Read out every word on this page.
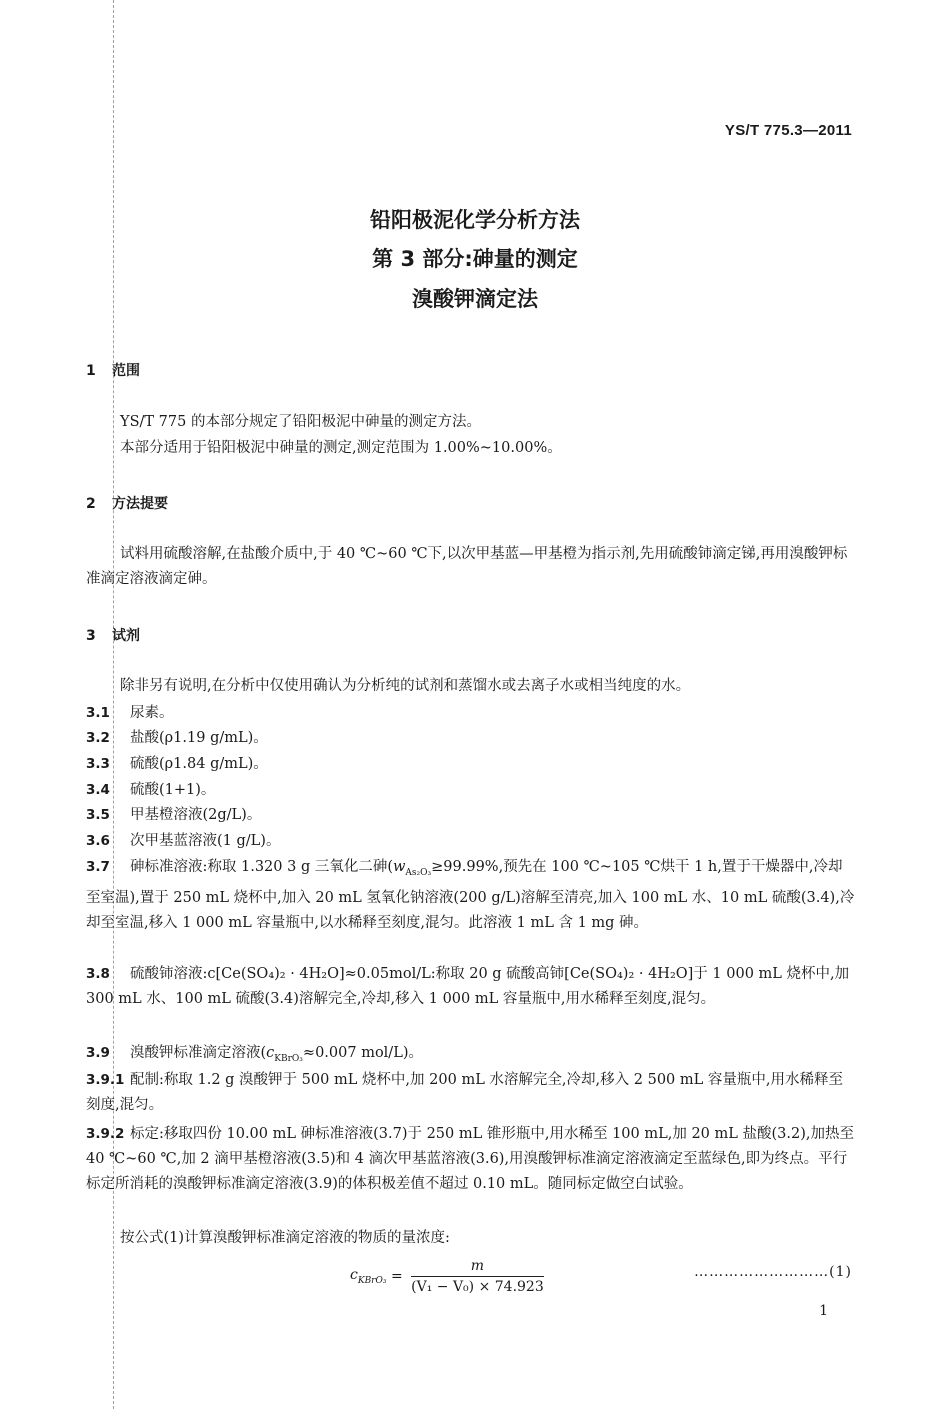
YS/T 775.3—2011
铅阳极泥化学分析方法
第 3 部分:砷量的测定
溴酸钾滴定法
1 范围
YS/T 775 的本部分规定了铅阳极泥中砷量的测定方法。
本部分适用于铅阳极泥中砷量的测定,测定范围为 1.00%~10.00%。
2 方法提要
试料用硫酸溶解,在盐酸介质中,于 40 ℃~60 ℃下,以次甲基蓝—甲基橙为指示剂,先用硫酸铈滴定锑,再用溴酸钾标准滴定溶液滴定砷。
3 试剂
除非另有说明,在分析中仅使用确认为分析纯的试剂和蒸馏水或去离子水或相当纯度的水。
3.1 尿素。
3.2 盐酸(ρ1.19 g/mL)。
3.3 硫酸(ρ1.84 g/mL)。
3.4 硫酸(1+1)。
3.5 甲基橙溶液(2g/L)。
3.6 次甲基蓝溶液(1 g/L)。
3.7 砷标准溶液:称取 1.320 3 g 三氧化二砷($w_{As_2O_3}\ge 99.99\%$,预先在 100 ℃~105 ℃烘干 1 h,置于干燥器中,冷却至室温),置于 250 mL 烧杯中,加入 20 mL 氢氧化钠溶液(200 g/L)溶解至清亮,加入 100 mL 水、10 mL 硫酸(3.4),冷却至室温,移入 1 000 mL 容量瓶中,以水稀释至刻度,混匀。此溶液 1 mL 含 1 mg 砷。
3.8 硫酸铈溶液:c[Ce(SO₄)₂ · 4H₂O]≈0.05mol/L:称取 20 g 硫酸高铈[Ce(SO₄)₂ · 4H₂O]于 1 000 mL 烧杯中,加 300 mL 水、100 mL 硫酸(3.4)溶解完全,冷却,移入 1 000 mL 容量瓶中,用水稀释至刻度,混匀。
3.9 溴酸钾标准滴定溶液($c_{KBrO_3}\approx 0.007$ mol/L)。
3.9.1 配制:称取 1.2 g 溴酸钾于 500 mL 烧杯中,加 200 mL 水溶解完全,冷却,移入 2 500 mL 容量瓶中,用水稀释至刻度,混匀。
3.9.2 标定:移取四份 10.00 mL 砷标准溶液(3.7)于 250 mL 锥形瓶中,用水稀至 100 mL,加 20 mL 盐酸(3.2),加热至 40 ℃~60 ℃,加 2 滴甲基橙溶液(3.5)和 4 滴次甲基蓝溶液(3.6),用溴酸钾标准滴定溶液滴定至蓝绿色,即为终点。平行标定所消耗的溴酸钾标准滴定溶液(3.9)的体积极差值不超过 0.10 mL。随同标定做空白试验。
按公式(1)计算溴酸钾标准滴定溶液的物质的量浓度:
$c_{KBrO_3} = \frac{m}{\text{(V₁ − V₀) × 74.923}}$	………………………(1)
1
